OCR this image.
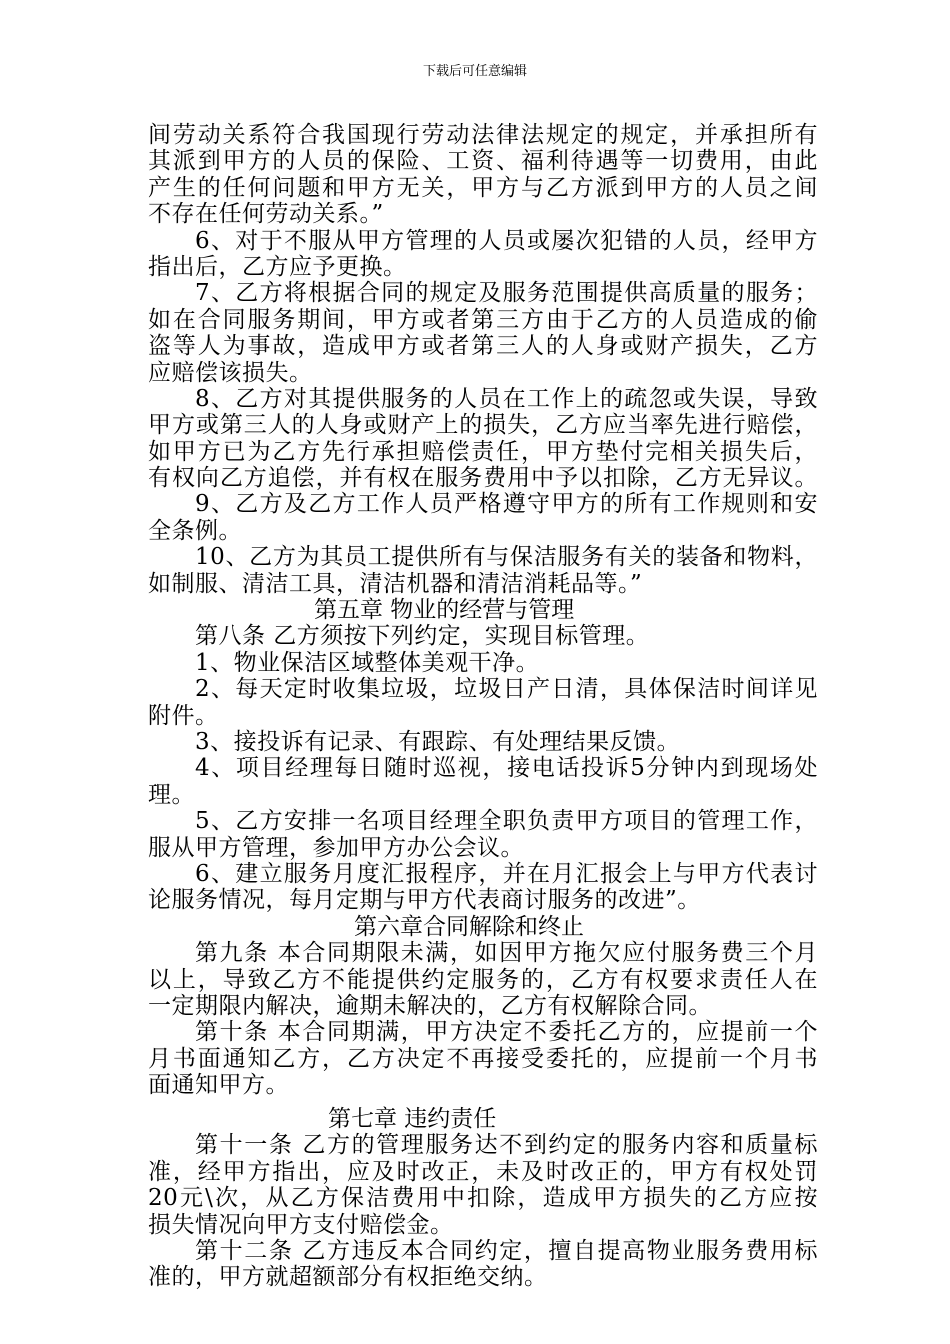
下载后可任意编辑
间劳动关系符合我国现行劳动法律法规定的规定，并承担所有
其派到甲方的人员的保险、工资、福利待遇等一切费用，由此
产生的任何问题和甲方无关，甲方与乙方派到甲方的人员之间
不存在任何劳动关系。”
6、对于不服从甲方管理的人员或屡次犯错的人员，经甲方
指出后，乙方应予更换。
7、乙方将根据合同的规定及服务范围提供高质量的服务；
如在合同服务期间，甲方或者第三方由于乙方的人员造成的偷
盗等人为事故，造成甲方或者第三人的人身或财产损失，乙方
应赔偿该损失。
8、乙方对其提供服务的人员在工作上的疏忽或失误，导致
甲方或第三人的人身或财产上的损失，乙方应当率先进行赔偿，
如甲方已为乙方先行承担赔偿责任，甲方垫付完相关损失后，
有权向乙方追偿，并有权在服务费用中予以扣除，乙方无异议。
9、乙方及乙方工作人员严格遵守甲方的所有工作规则和安
全条例。
10、乙方为其员工提供所有与保洁服务有关的装备和物料，
如制服、清洁工具，清洁机器和清洁消耗品等。”
第五章 物业的经营与管理
第八条 乙方须按下列约定，实现目标管理。
1、物业保洁区域整体美观干净。
2、每天定时收集垃圾，垃圾日产日清，具体保洁时间详见
附件。
3、接投诉有记录、有跟踪、有处理结果反馈。
4、项目经理每日随时巡视，接电话投诉5分钟内到现场处
理。
5、乙方安排一名项目经理全职负责甲方项目的管理工作，
服从甲方管理，参加甲方办公会议。
6、建立服务月度汇报程序，并在月汇报会上与甲方代表讨
论服务情况，每月定期与甲方代表商讨服务的改进”。
第六章合同解除和终止
第九条 本合同期限未满，如因甲方拖欠应付服务费三个月
以上，导致乙方不能提供约定服务的，乙方有权要求责任人在
一定期限内解决，逾期未解决的，乙方有权解除合同。
第十条 本合同期满，甲方决定不委托乙方的，应提前一个
月书面通知乙方，乙方决定不再接受委托的，应提前一个月书
面通知甲方。
第七章 违约责任
第十一条 乙方的管理服务达不到约定的服务内容和质量标
准，经甲方指出，应及时改正，未及时改正的，甲方有权处罚
20元\次，从乙方保洁费用中扣除，造成甲方损失的乙方应按
损失情况向甲方支付赔偿金。
第十二条 乙方违反本合同约定，擅自提高物业服务费用标
准的，甲方就超额部分有权拒绝交纳。
